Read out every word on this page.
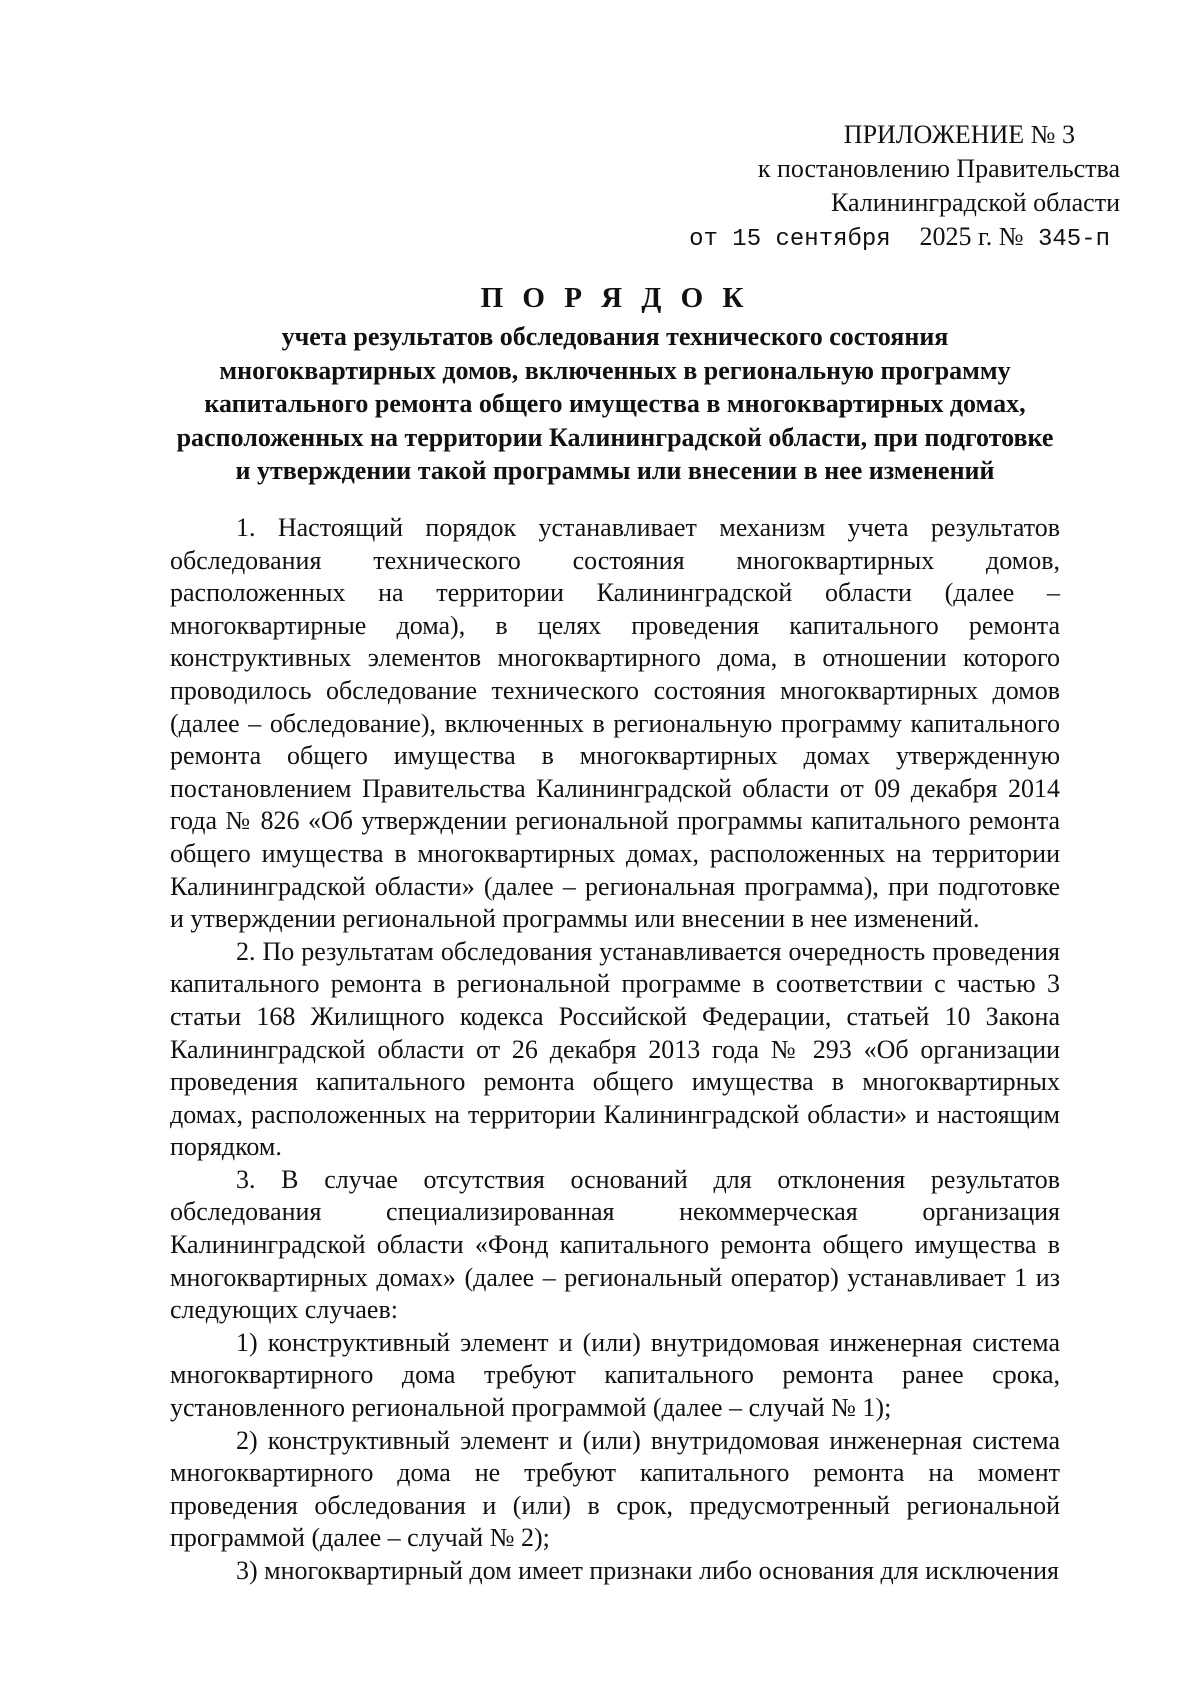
ПРИЛОЖЕНИЕ № 3
к постановлению Правительства
Калининградской области
от 15 сентября 2025 г. № 345-п
П О Р Я Д О К
учета результатов обследования технического состояния
многоквартирных домов, включенных в региональную программу
капитального ремонта общего имущества в многоквартирных домах,
расположенных на территории Калининградской области, при подготовке
и утверждении такой программы или внесении в нее изменений

1. Настоящий порядок устанавливает механизм учета результатов обследования технического состояния многоквартирных домов, расположенных на территории Калининградской области (далее – многоквартирные дома), в целях проведения капитального ремонта конструктивных элементов многоквартирного дома, в отношении которого проводилось обследование технического состояния многоквартирных домов (далее – обследование), включенных в региональную программу капитального ремонта общего имущества в многоквартирных домах утвержденную постановлением Правительства Калининградской области от 09 декабря 2014 года № 826 «Об утверждении региональной программы капитального ремонта общего имущества в многоквартирных домах, расположенных на территории Калининградской области» (далее – региональная программа), при подготовке и утверждении региональной программы или внесении в нее изменений.

2. По результатам обследования устанавливается очередность проведения капитального ремонта в региональной программе в соответствии с частью 3 статьи 168 Жилищного кодекса Российской Федерации, статьей 10 Закона Калининградской области от 26 декабря 2013 года № 293 «Об организации проведения капитального ремонта общего имущества в многоквартирных домах, расположенных на территории Калининградской области» и настоящим порядком.

3. В случае отсутствия оснований для отклонения результатов обследования специализированная некоммерческая организация Калининградской области «Фонд капитального ремонта общего имущества в многоквартирных домах» (далее – региональный оператор) устанавливает 1 из следующих случаев:

1) конструктивный элемент и (или) внутридомовая инженерная система многоквартирного дома требуют капитального ремонта ранее срока, установленного региональной программой (далее – случай № 1);

2) конструктивный элемент и (или) внутридомовая инженерная система многоквартирного дома не требуют капитального ремонта на момент проведения обследования и (или) в срок, предусмотренный региональной программой (далее – случай № 2);

3) многоквартирный дом имеет признаки либо основания для исключения
